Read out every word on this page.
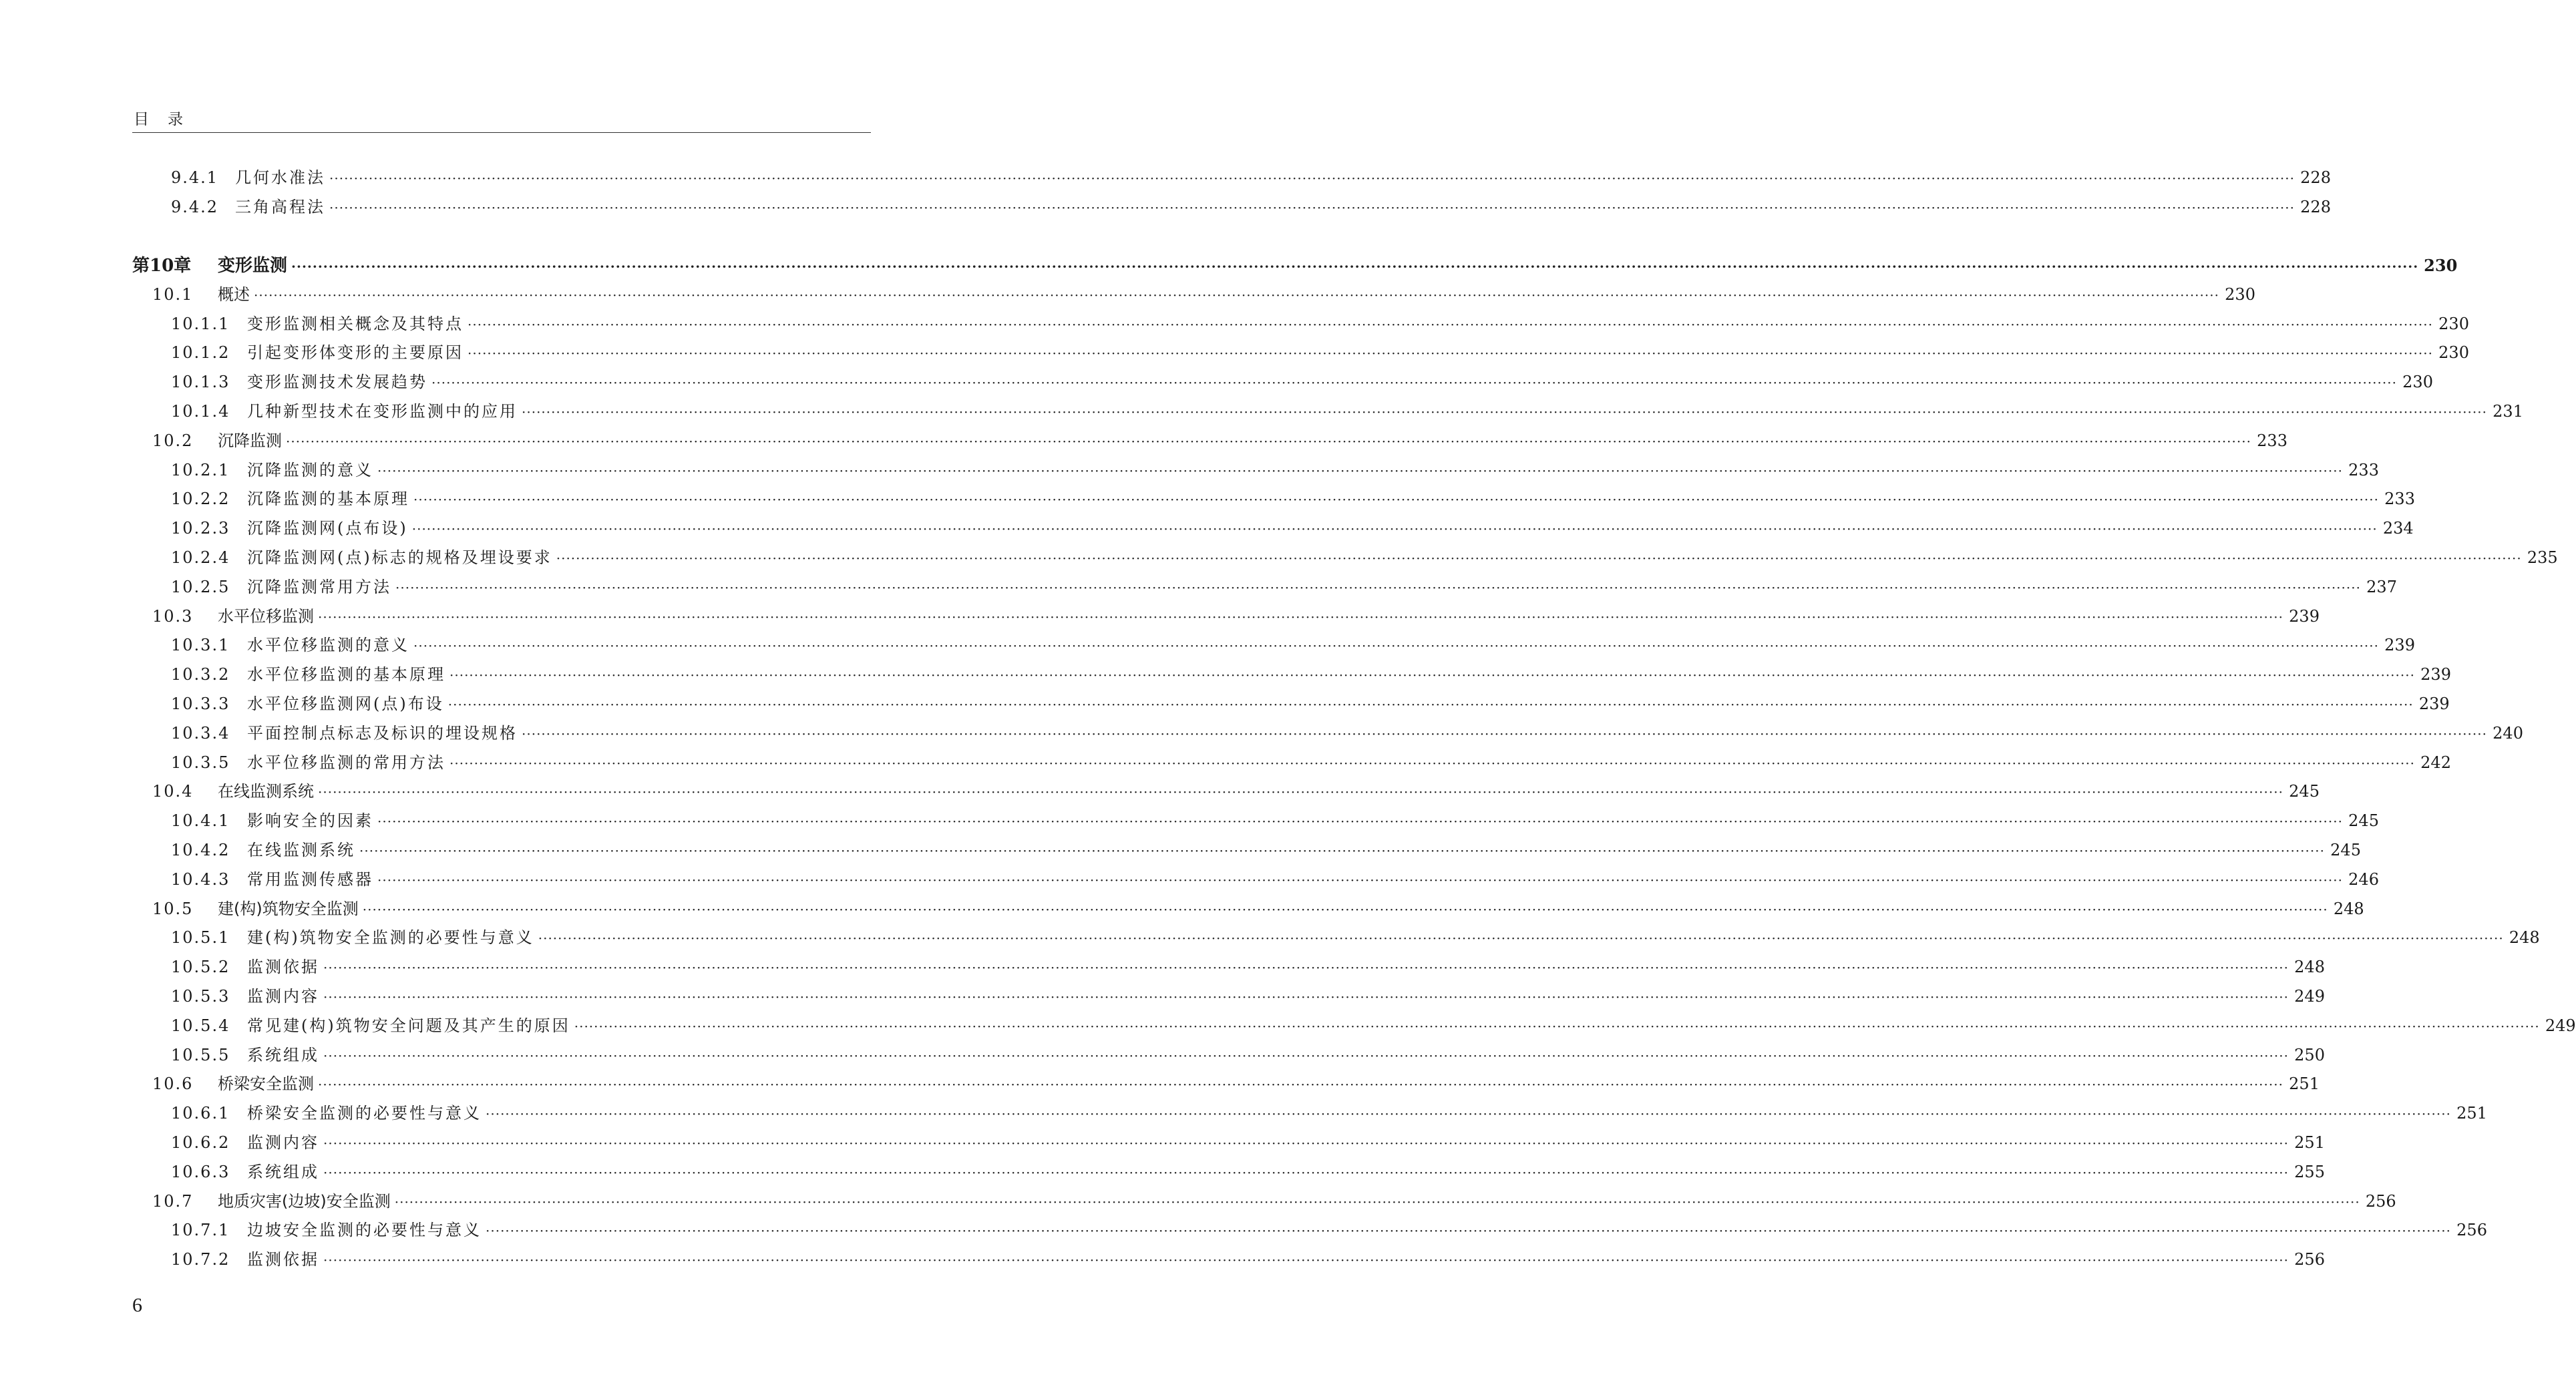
目录
9.4.1	几何水准法 ················································································································································································································································································································································································································ 228
9.4.2	三角高程法 ················································································································································································································································································································································································································ 228
第10章	变形监测 ················································································································································································································································································································································································································ 230
10.1	概述 ················································································································································································································································································································································································································ 230
10.1.1	变形监测相关概念及其特点 ················································································································································································································································································································································································································ 230
10.1.2	引起变形体变形的主要原因 ················································································································································································································································································································································································································ 230
10.1.3	变形监测技术发展趋势 ················································································································································································································································································································································································································ 230
10.1.4	几种新型技术在变形监测中的应用 ················································································································································································································································································································································································································ 231
10.2	沉降监测 ················································································································································································································································································································································································································ 233
10.2.1	沉降监测的意义 ················································································································································································································································································································································································································ 233
10.2.2	沉降监测的基本原理 ················································································································································································································································································································································································································ 233
10.2.3	沉降监测网(点布设) ················································································································································································································································································································································································································ 234
10.2.4	沉降监测网(点)标志的规格及埋设要求 ················································································································································································································································································································································································································ 235
10.2.5	沉降监测常用方法 ················································································································································································································································································································································································································ 237
10.3	水平位移监测 ················································································································································································································································································································································································································ 239
10.3.1	水平位移监测的意义 ················································································································································································································································································································································································································ 239
10.3.2	水平位移监测的基本原理 ················································································································································································································································································································································································································ 239
10.3.3	水平位移监测网(点)布设 ················································································································································································································································································································································································································ 239
10.3.4	平面控制点标志及标识的埋设规格 ················································································································································································································································································································································································································ 240
10.3.5	水平位移监测的常用方法 ················································································································································································································································································································································································································ 242
10.4	在线监测系统 ················································································································································································································································································································································································································ 245
10.4.1	影响安全的因素 ················································································································································································································································································································································································································ 245
10.4.2	在线监测系统 ················································································································································································································································································································································································································ 245
10.4.3	常用监测传感器 ················································································································································································································································································································································································································ 246
10.5	建(构)筑物安全监测 ················································································································································································································································································································································································································ 248
10.5.1	建(构)筑物安全监测的必要性与意义 ················································································································································································································································································································································································································ 248
10.5.2	监测依据 ················································································································································································································································································································································································································ 248
10.5.3	监测内容 ················································································································································································································································································································································································································ 249
10.5.4	常见建(构)筑物安全问题及其产生的原因 ················································································································································································································································································································································································································ 249
10.5.5	系统组成 ················································································································································································································································································································································································································ 250
10.6	桥梁安全监测 ················································································································································································································································································································································································································ 251
10.6.1	桥梁安全监测的必要性与意义 ················································································································································································································································································································································································································ 251
10.6.2	监测内容 ················································································································································································································································································································································································································ 251
10.6.3	系统组成 ················································································································································································································································································································································································································ 255
10.7	地质灾害(边坡)安全监测 ················································································································································································································································································································································································································ 256
10.7.1	边坡安全监测的必要性与意义 ················································································································································································································································································································································································································ 256
10.7.2	监测依据 ················································································································································································································································································································································································································ 256
6
